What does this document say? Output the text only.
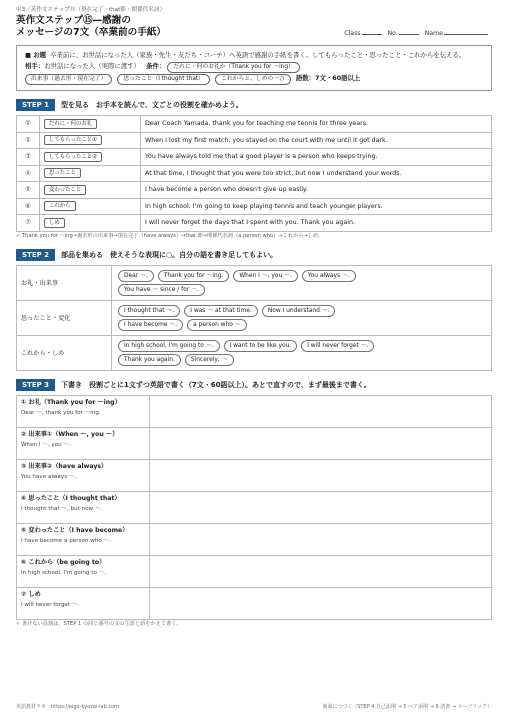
中3／英作文ステップ⑮（現在完了・that節・関係代名詞）
英作文ステップ⑮—感謝の
メッセージの7文（卒業前の手紙）	Class	No.	Name
■ お題 卒業前に、お世話になった人（家族・先生・友だち・コーチ）へ英語で感謝の手紙を書く。してもらったこと・思ったこと・これからを伝える。
相手：お世話になった人（実際に渡す） 条件： だれに・何のお礼か（Thank you for ～ing）
出来事（過去形・現在完了）	思ったこと（I thought that）	これからと、しめの一言 語数：7文・60語以上
STEP 1	型を見る　お手本を読んで、文ごとの役割を確かめよう。
①	だれに・何のお礼	Dear Coach Yamada, thank you for teaching me tennis for three years.
②	してもらったこと①	When I lost my first match, you stayed on the court with me until it got dark.
③	してもらったこと②	You have always told me that a good player is a person who keeps trying.
④	思ったこと	At that time, I thought that you were too strict, but now I understand your words.
⑤	変わったこと	I have become a person who doesn't give up easily.
⑥	これから	In high school, I'm going to keep playing tennis and teach younger players.
⑦	しめ	I will never forget the days that I spent with you. Thank you again.
✓ Thank you for ～ing→過去形の出来事→現在完了（have always）→that 節→関係代名詞（a person who）→これから→しめ。
STEP 2	部品を集める　使えそうな表現に○。自分の語を書き足してもよい。
お礼・出来事	Dear ～, Thank you for ～ing. When I ～, you ～. You always ～.
You have ～ since / for ～.
思ったこと・変化	I thought that ～. I was ～ at that time. Now I understand ～.
I have become ～. a person who ～
これから・しめ	In high school, I'm going to ～. I want to be like you. I will never forget ～.
Thank you again. Sincerely, ～
STEP 3	下書き　役割ごとに1文ずつ英語で書く（7文・60語以上）。あとで直すので、まず最後まで書く。
① お礼（Thank you for ～ing）
Dear ～, thank you for ～ing.	

② 出来事①（When ～, you ～）
When I ～, you ～.	

③ 出来事②（have always）
You have always ～.	

④ 思ったこと（I thought that）
I thought that ～, but now ～.	

⑤ 変わったこと（I have become）
I have become a person who ～.	

⑥ これから（be going to）
In high school, I'm going to ～.	

⑦ しめ
I will never forget ～.	

✓ 書けない役割は、STEP 1 の同じ番号の文の主語と語をかえて書く。
英語教材ラボ　https://eigo-kyozai-lab.com	裏面につづく（STEP 4 自己添削 → 5 ペア添削 → 6 清書 → ループリック）
